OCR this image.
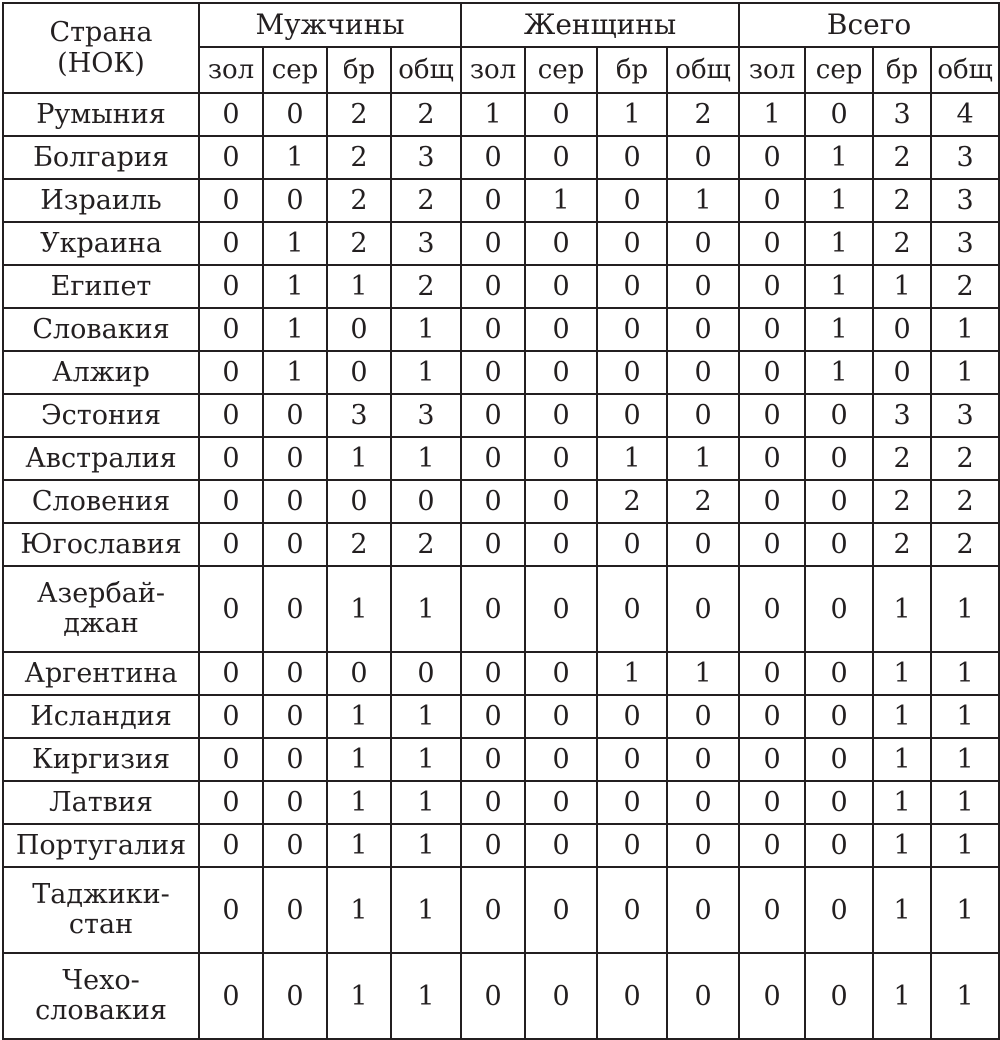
Страна
(НОК)	Мужчины				Женщины				Всего			
	зол	сер	бр	общ	зол	сер	бр	общ	зол	сер	бр	общ

Румыния	0	0	2	2	1	0	1	2	1	0	3	4

Болгария	0	1	2	3	0	0	0	0	0	1	2	3

Израиль	0	0	2	2	0	1	0	1	0	1	2	3

Украина	0	1	2	3	0	0	0	0	0	1	2	3

Египет	0	1	1	2	0	0	0	0	0	1	1	2

Словакия	0	1	0	1	0	0	0	0	0	1	0	1

Алжир	0	1	0	1	0	0	0	0	0	1	0	1

Эстония	0	0	3	3	0	0	0	0	0	0	3	3

Австралия	0	0	1	1	0	0	1	1	0	0	2	2

Словения	0	0	0	0	0	0	2	2	0	0	2	2

Югославия	0	0	2	2	0	0	0	0	0	0	2	2

Азербай-
джан	0	0	1	1	0	0	0	0	0	0	1	1

Аргентина	0	0	0	0	0	0	1	1	0	0	1	1

Исландия	0	0	1	1	0	0	0	0	0	0	1	1

Киргизия	0	0	1	1	0	0	0	0	0	0	1	1

Латвия	0	0	1	1	0	0	0	0	0	0	1	1

Португалия	0	0	1	1	0	0	0	0	0	0	1	1

Таджики-
стан	0	0	1	1	0	0	0	0	0	0	1	1

Чехо-
словакия	0	0	1	1	0	0	0	0	0	0	1	1
